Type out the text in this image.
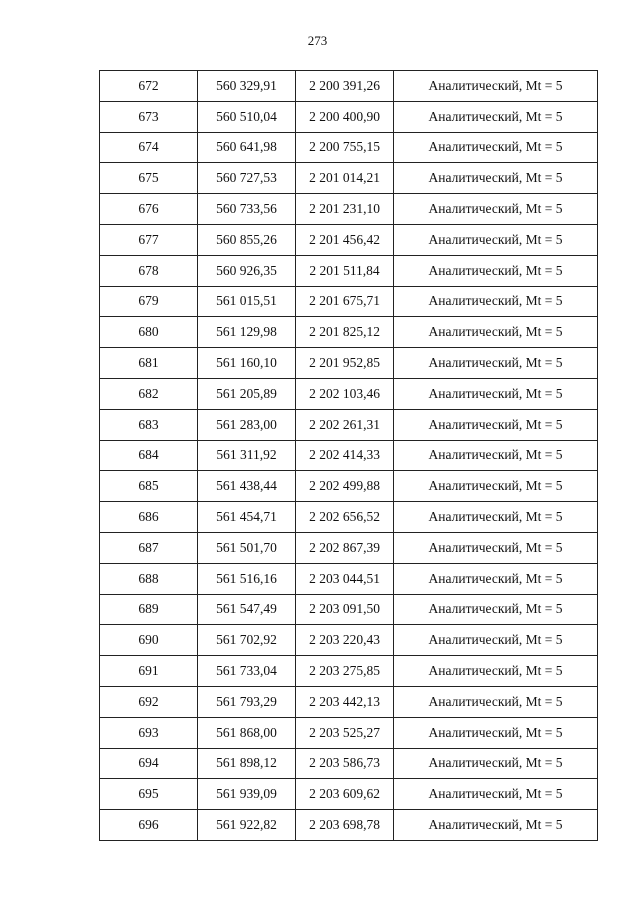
273
672	560 329,91	2 200 391,26	Аналитический, Mt = 5
673	560 510,04	2 200 400,90	Аналитический, Mt = 5
674	560 641,98	2 200 755,15	Аналитический, Mt = 5
675	560 727,53	2 201 014,21	Аналитический, Mt = 5
676	560 733,56	2 201 231,10	Аналитический, Mt = 5
677	560 855,26	2 201 456,42	Аналитический, Mt = 5
678	560 926,35	2 201 511,84	Аналитический, Mt = 5
679	561 015,51	2 201 675,71	Аналитический, Mt = 5
680	561 129,98	2 201 825,12	Аналитический, Mt = 5
681	561 160,10	2 201 952,85	Аналитический, Mt = 5
682	561 205,89	2 202 103,46	Аналитический, Mt = 5
683	561 283,00	2 202 261,31	Аналитический, Mt = 5
684	561 311,92	2 202 414,33	Аналитический, Mt = 5
685	561 438,44	2 202 499,88	Аналитический, Mt = 5
686	561 454,71	2 202 656,52	Аналитический, Mt = 5
687	561 501,70	2 202 867,39	Аналитический, Mt = 5
688	561 516,16	2 203 044,51	Аналитический, Mt = 5
689	561 547,49	2 203 091,50	Аналитический, Mt = 5
690	561 702,92	2 203 220,43	Аналитический, Mt = 5
691	561 733,04	2 203 275,85	Аналитический, Mt = 5
692	561 793,29	2 203 442,13	Аналитический, Mt = 5
693	561 868,00	2 203 525,27	Аналитический, Mt = 5
694	561 898,12	2 203 586,73	Аналитический, Mt = 5
695	561 939,09	2 203 609,62	Аналитический, Mt = 5
696	561 922,82	2 203 698,78	Аналитический, Mt = 5
